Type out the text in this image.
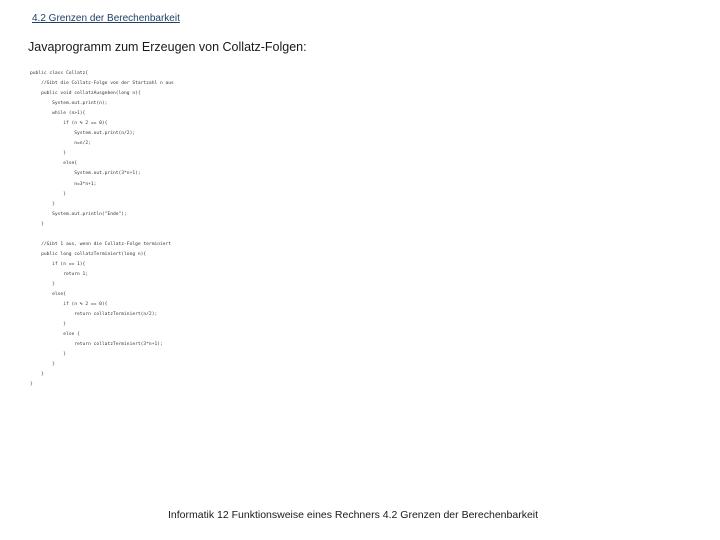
4.2 Grenzen der Berechenbarkeit
Javaprogramm zum Erzeugen von Collatz-Folgen:
public class Collatz{
//Gibt die Collatz-Folge von der Startzahl n aus
public void collatzAusgeben(long n){
System.out.print(n);
while (n>1){
if (n % 2 == 0){
System.out.print(n/2);
n=n/2;
}
else{
System.out.print(3*n+1);
n=3*n+1;
}
}
System.out.println("Ende");
}
//Gibt 1 aus, wenn die Collatz-Folge terminiert
public long collatzTerminiert(long n){
if (n == 1){
return 1;
}
else{
if (n % 2 == 0){
return collatzTerminiert(n/2);
}
else {
return collatzTerminiert(3*n+1);
}
}
}
}
Informatik 12 Funktionsweise eines Rechners 4.2 Grenzen der Berechenbarkeit
